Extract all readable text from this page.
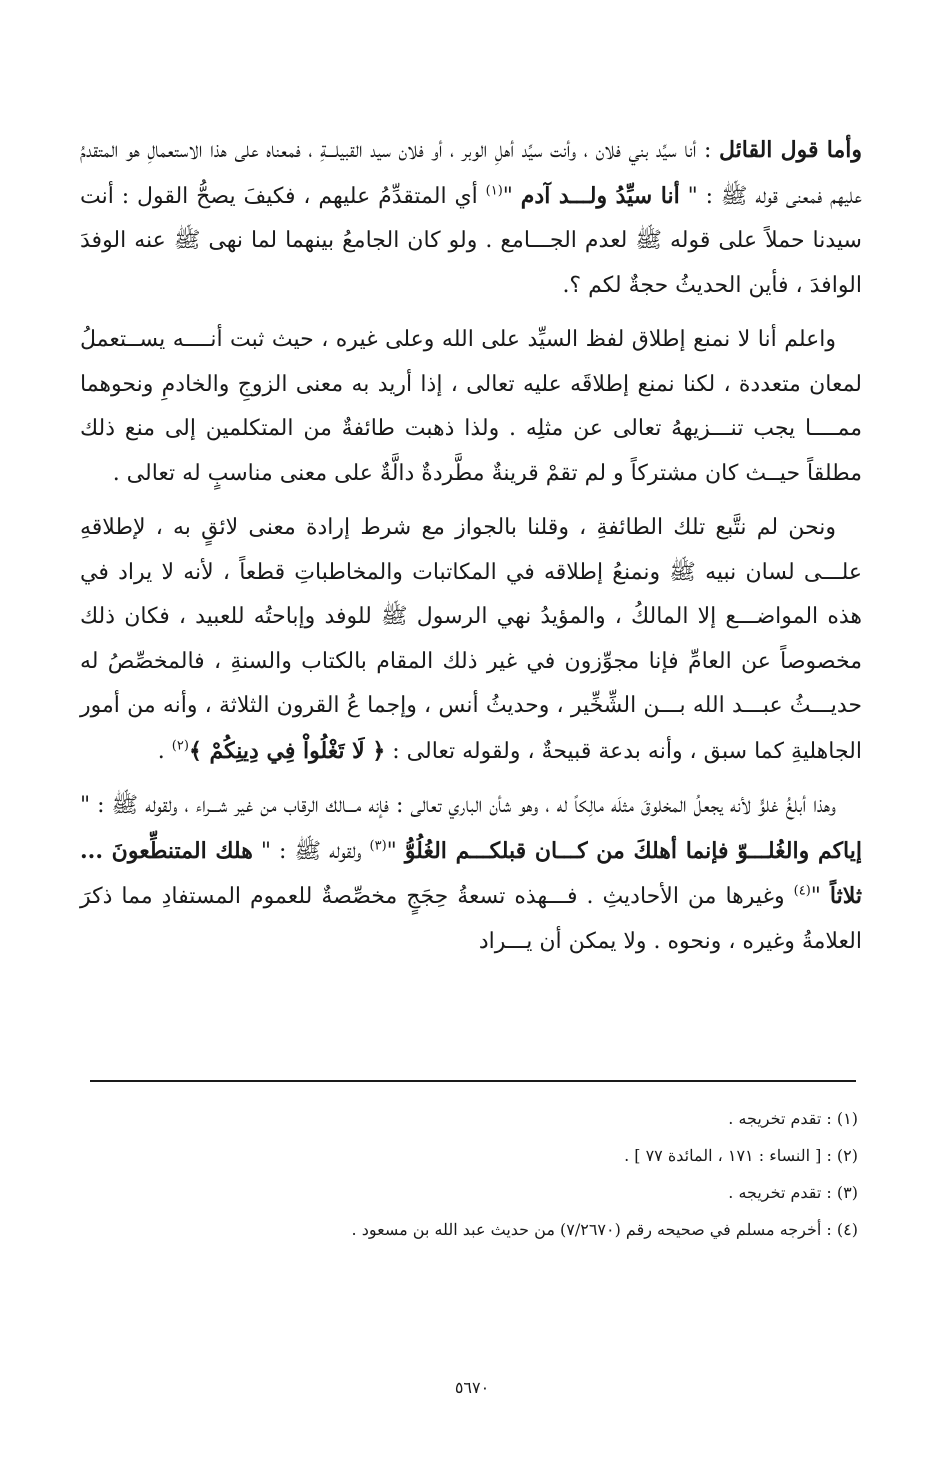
وأما قول القائل : أنا سيِّد بني فلان ، وأنت سيِّد أهلِ الوبر ، أو فلان سيد القبيلـــةِ ، فمعناه على هذا الاستعمالِ هو المتقدمُ عليهم فمعنى قوله ﷺ : " أنا سيِّدُ ولـــد آدم "$^{(١)}$ أي المتقدِّمُ عليهم ، فكيفَ يصحُّ القول : أنت سيدنا حملاً على قوله ﷺ لعدم الجـــامع . ولو كان الجامعُ بينهما لما نهى ﷺ عنه الوفدَ الوافدَ ، فأين الحديثُ حجةٌ لكم ؟.

واعلم أنا لا نمنع إطلاق لفظ السيِّد على الله وعلى غيره ، حيث ثبت أنــــه يســتعملُ لمعان متعددة ، لكنا نمنع إطلاقَه عليه تعالى ، إذا أريد به معنى الزوجِ والخادمِ ونحوهما ممــــا يجب تنـــزيههُ تعالى عن مثلِه . ولذا ذهبت طائفةٌ من المتكلمين إلى منع ذلك مطلقاً حيــث كان مشتركاً و لم تقمْ قرينةٌ مطَّردةٌ دالَّةٌ على معنى مناسبٍ له تعالى .

ونحن لم نتَّبع تلك الطائفةِ ، وقلنا بالجواز مع شرط إرادة معنى لائقٍ به ، لإطلاقهِ علـــى لسان نبيه ﷺ ونمنعُ إطلاقه في المكاتبات والمخاطباتِ قطعاً ، لأنه لا يراد في هذه المواضـــع إلا المالكُ ، والمؤيدُ نهي الرسول ﷺ للوفد وإباحتُه للعبيد ، فكان ذلك مخصوصاً عن العامِّ فإنا مجوِّزون في غير ذلك المقام بالكتاب والسنةِ ، فالمخصِّصُ له حديـــثُ عبـــد الله بـــن الشِّخِّير ، وحديثُ أنس ، وإجما عُ القرون الثلاثة ، وأنه من أمور الجاهليةِ كما سبق ، وأنه بدعة قبيحةٌ ، ولقوله تعالى : ﴿ لَا تَغْلُواْ فِي دِينِكُمْ ﴾$^{(٢)}$ .

وهذا أبلغُ غلوٍّ لأنه يجعلُ المخلوقَ مثلَه مالِكاً له ، وهو شأن الباري تعالى : فإنه مـــالك الرقاب من غير شـــراء ، ولقوله ﷺ : " إياكم والغُلـــوّ فإنما أهلكَ من كـــان قبلكـــم الغُلُوُّ "$^{(٣)}$ ولقوله ﷺ : " هلك المتنطِّعونَ ... ثلاثاً "$^{(٤)}$ وغيرها من الأحاديثِ . فـــهذه تسعةُ حِجَجٍ مخصِّصةٌ للعموم المستفادِ مما ذكرَ العلامةُ وغيره ، ونحوه . ولا يمكن أن يـــراد

(١) : تقدم تخريجه .

(٢) : [ النساء : ١٧١ ، المائدة ٧٧ ] .

(٣) : تقدم تخريجه .

(٤) : أخرجه مسلم في صحيحه رقم (٧/٢٦٧٠) من حديث عبد الله بن مسعود .

٥٦٧٠
